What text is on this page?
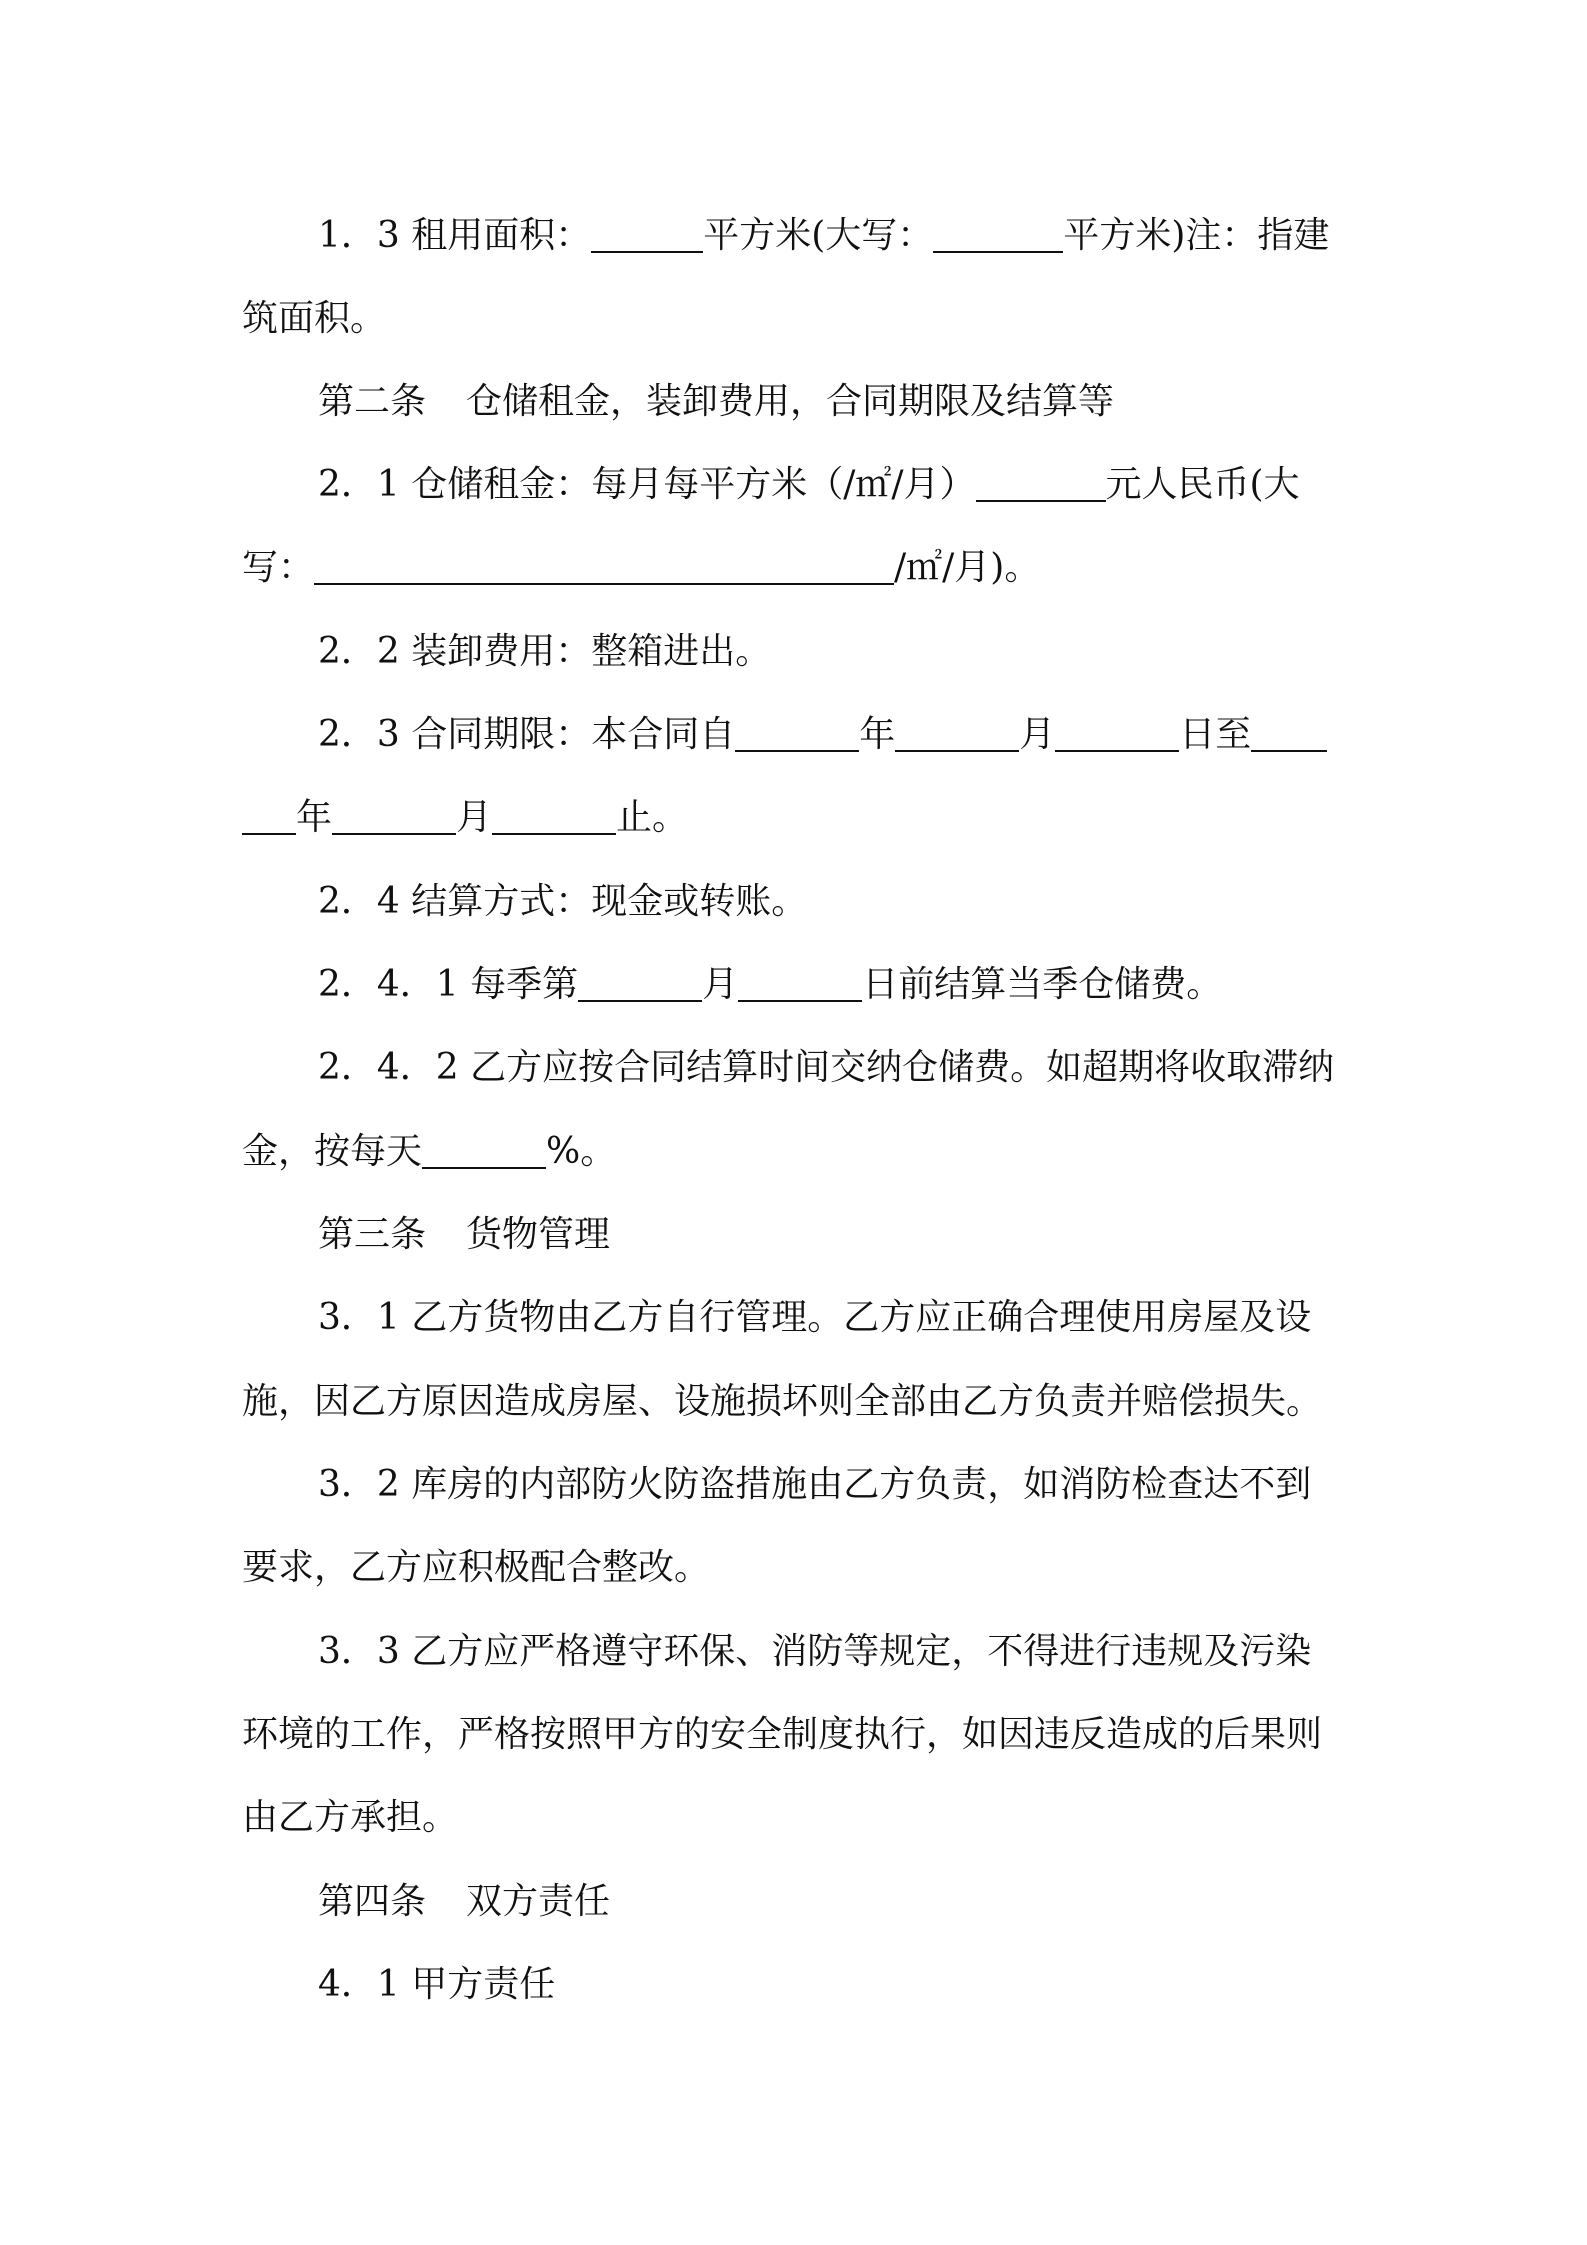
1．3 租用面积：	平方米(大写：	平方米)注：指建
筑面积。
第二条 仓储租金，装卸费用，合同期限及结算等
2．1 仓储租金：每月每平方米（/㎡/月）	元人民币(大
写：	/㎡/月)。
2．2 装卸费用：整箱进出。
2．3 合同期限：本合同自	年	月	日至
年	月	止。
2．4 结算方式：现金或转账。
2．4．1 每季第	月	日前结算当季仓储费。
2．4．2 乙方应按合同结算时间交纳仓储费。如超期将收取滞纳
金，按每天	%。
第三条 货物管理
3．1 乙方货物由乙方自行管理。乙方应正确合理使用房屋及设
施，因乙方原因造成房屋、设施损坏则全部由乙方负责并赔偿损失。
3．2 库房的内部防火防盗措施由乙方负责，如消防检查达不到
要求，乙方应积极配合整改。
3．3 乙方应严格遵守环保、消防等规定，不得进行违规及污染
环境的工作，严格按照甲方的安全制度执行，如因违反造成的后果则
由乙方承担。
第四条 双方责任
4．1 甲方责任
